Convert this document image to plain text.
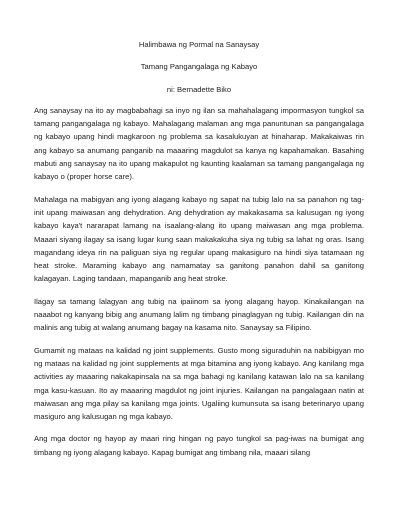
Halimbawa ng Pormal na Sanaysay

Tamang Pangangalaga ng Kabayo

ni: Bernadette Biko

Ang sanaysay na ito ay magbabahagi sa inyo ng ilan sa mahahalagang impormasyon tungkol sa tamang pangangalaga ng kabayo. Mahalagang malaman ang mga panuntunan sa pangangalaga ng kabayo upang hindi magkaroon ng problema sa kasalukuyan at hinaharap. Makakaiwas rin ang kabayo sa anumang panganib na maaaring magdulot sa kanya ng kapahamakan. Basahing mabuti ang sanaysay na ito upang makapulot ng kaunting kaalaman sa tamang pangangalaga ng kabayo o (proper horse care).

Mahalaga na mabigyan ang iyong alagang kabayo ng sapat na tubig lalo na sa panahon ng tag-init upang maiwasan ang dehydration. Ang dehydration ay makakasama sa kalusugan ng iyong kabayo kaya't nararapat lamang na isaalang-alang ito upang maiwasan ang mga problema. Maaari siyang ilagay sa isang lugar kung saan makakakuha siya ng tubig sa lahat ng oras. Isang magandang ideya rin na paliguan siya ng regular upang makasiguro na hindi siya tatamaan ng heat stroke. Maraming kabayo ang namamatay sa ganitong panahon dahil sa ganitong kalagayan. Laging tandaan, mapanganib ang heat stroke.

Ilagay sa tamang lalagyan ang tubig na ipaiinom sa iyong alagang hayop. Kinakailangan na naaabot ng kanyang bibig ang anumang lalim ng timbang pinaglagyan ng tubig. Kailangan din na malinis ang tubig at walang anumang bagay na kasama nito. Sanaysay sa Filipino.

Gumamit ng mataas na kalidad ng joint supplements. Gusto mong siguraduhin na nabibigyan mo ng mataas na kalidad ng joint supplements at mga bitamina ang iyong kabayo. Ang kanilang mga activities ay maaaring nakakapinsala na sa mga bahagi ng kanilang katawan lalo na sa kanilang mga kasu-kasuan. Ito ay maaaring magdulot ng joint injuries. Kailangan na pangalagaan natin at maiwasan ang mga pilay sa kanilang mga joints. Ugaliing kumunsuta sa isang beterinaryo upang masiguro ang kalusugan ng mga kabayo.

Ang mga doctor ng hayop ay maari ring hingan ng payo tungkol sa pag-iwas na bumigat ang timbang ng iyong alagang kabayo. Kapag bumigat ang timbang nila, maaari silang
